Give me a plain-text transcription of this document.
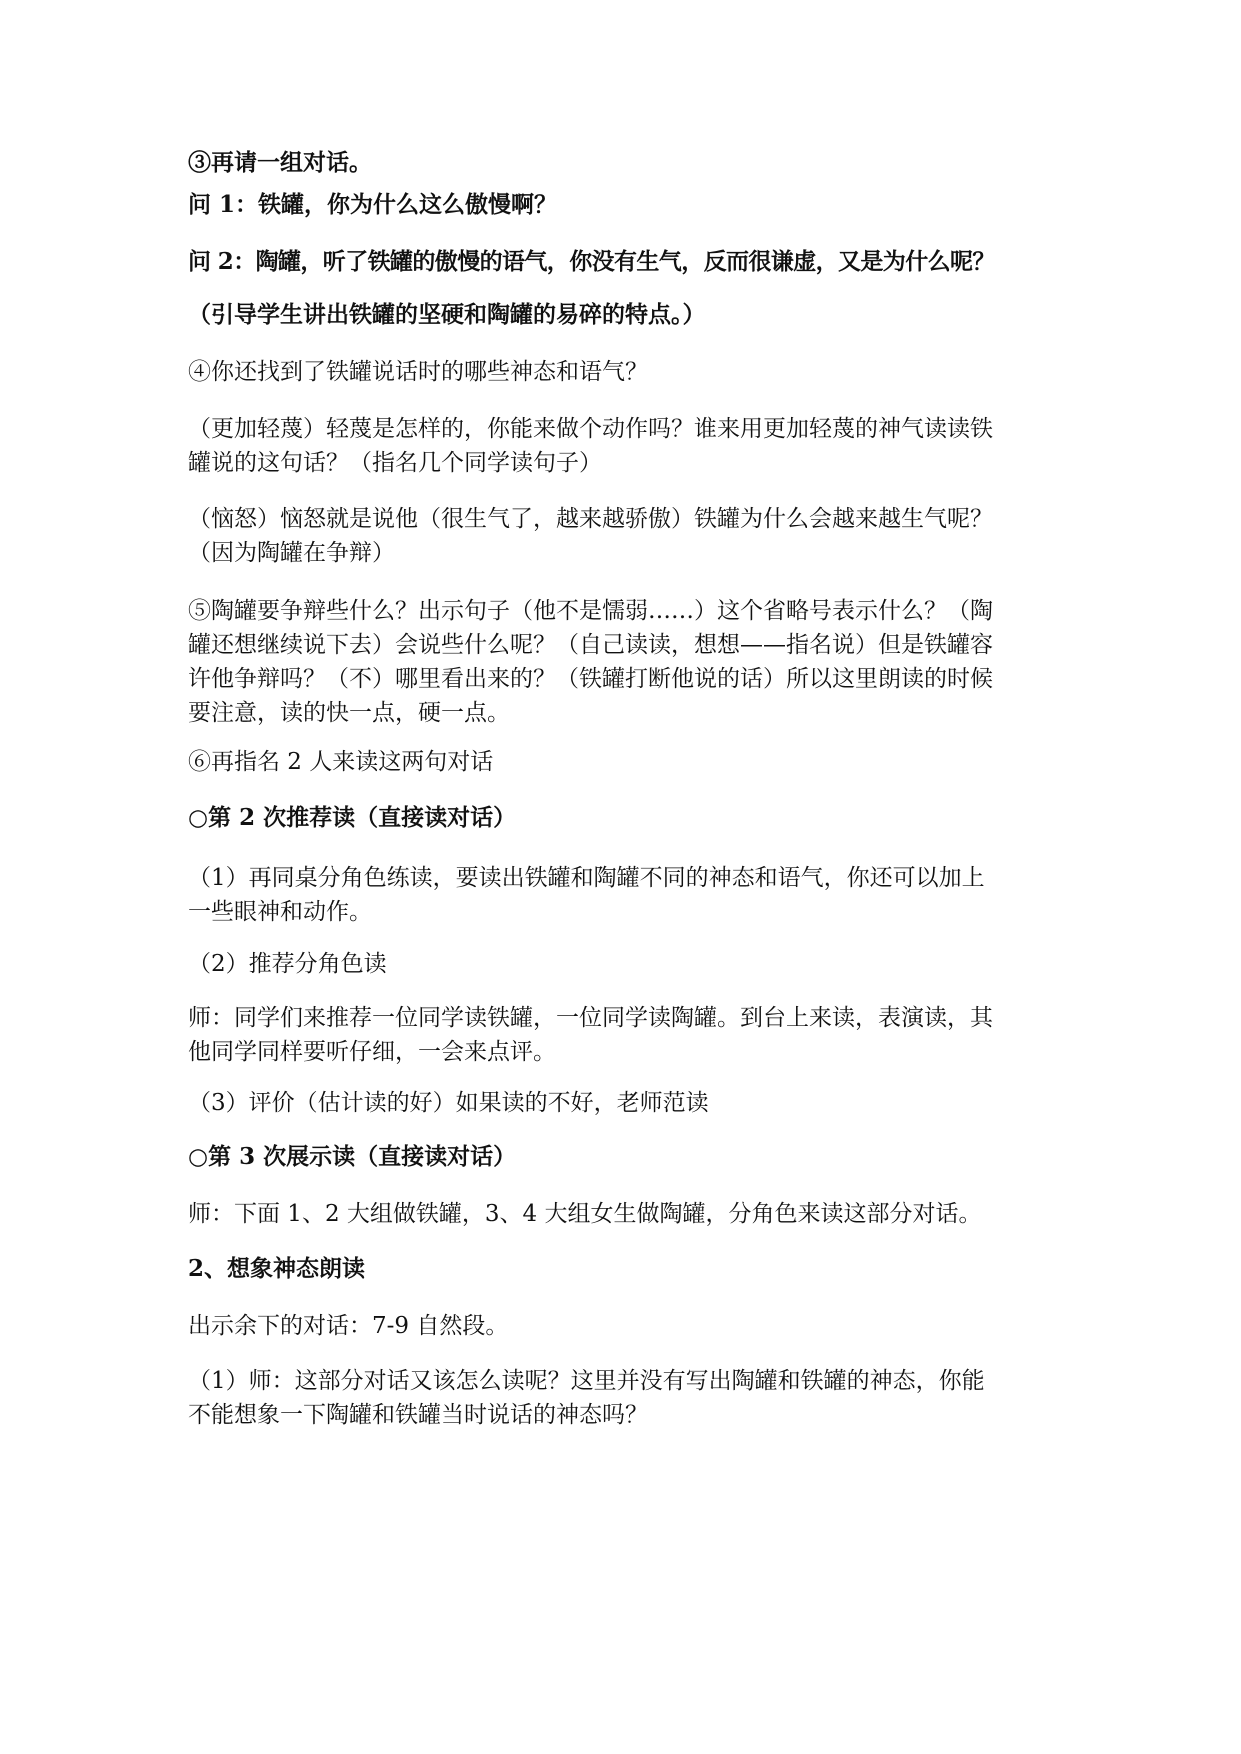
③再请一组对话。

问 1：铁罐，你为什么这么傲慢啊？

问 2：陶罐，听了铁罐的傲慢的语气，你没有生气，反而很谦虚，又是为什么呢？

（引导学生讲出铁罐的坚硬和陶罐的易碎的特点。）

④你还找到了铁罐说话时的哪些神态和语气？

（更加轻蔑）轻蔑是怎样的，你能来做个动作吗？谁来用更加轻蔑的神气读读铁
罐说的这句话？（指名几个同学读句子）

（恼怒）恼怒就是说他（很生气了，越来越骄傲）铁罐为什么会越来越生气呢？
（因为陶罐在争辩）

⑤陶罐要争辩些什么？出示句子（他不是懦弱……）这个省略号表示什么？（陶
罐还想继续说下去）会说些什么呢？（自己读读，想想——指名说）但是铁罐容
许他争辩吗？（不）哪里看出来的？（铁罐打断他说的话）所以这里朗读的时候
要注意，读的快一点，硬一点。

⑥再指名 2 人来读这两句对话

○第 2 次推荐读（直接读对话）

（1）再同桌分角色练读，要读出铁罐和陶罐不同的神态和语气，你还可以加上
一些眼神和动作。

（2）推荐分角色读

师：同学们来推荐一位同学读铁罐，一位同学读陶罐。到台上来读，表演读，其
他同学同样要听仔细，一会来点评。

（3）评价（估计读的好）如果读的不好，老师范读

○第 3 次展示读（直接读对话）

师：下面 1、2 大组做铁罐，3、4 大组女生做陶罐，分角色来读这部分对话。

2、想象神态朗读

出示余下的对话：7-9 自然段。

（1）师：这部分对话又该怎么读呢？这里并没有写出陶罐和铁罐的神态，你能
不能想象一下陶罐和铁罐当时说话的神态吗？
